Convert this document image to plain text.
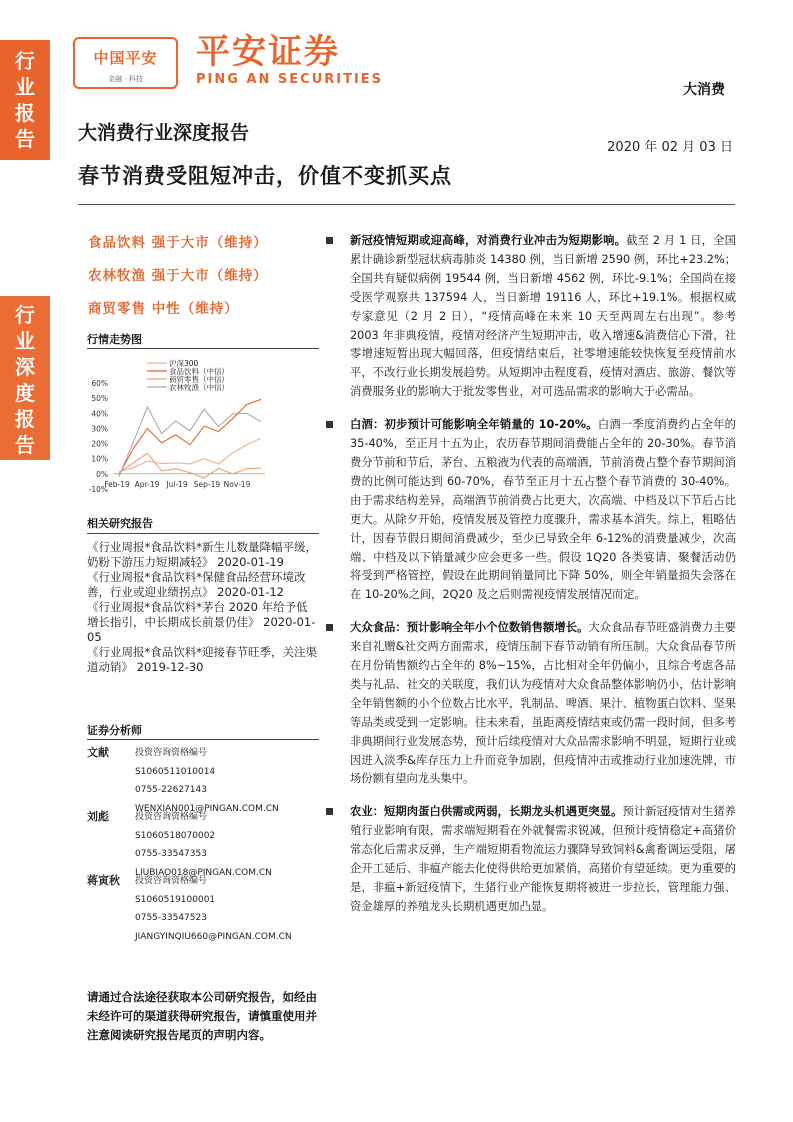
行
业
报
告
行
业
深
度
报
告
中国平安
金融 · 科技
平安证券
PING AN SECURITIES
大消费
大消费行业深度报告
2020 年 02 月 03 日
春节消费受阻短冲击，价值不变抓买点
食品饮料 强于大市（维持）
农林牧渔 强于大市（维持）
商贸零售 中性（维持）
行情走势图
60%
50%
40%
30%
20%
10%
0%
-10%
Feb-19 Apr-19 Jul-19 Sep-19 Nov-19
沪深300
食品饮料（中信）
商贸零售（中信）
农林牧渔（中信）
相关研究报告
《行业周报*食品饮料*新生儿数量降幅平缓，奶粉下游压力短期减轻》 2020-01-19
《行业周报*食品饮料*保健食品经营环境改善，行业或迎业绩拐点》 2020-01-12
《行业周报*食品饮料*茅台 2020 年给予低增长指引，中长期成长前景仍佳》 2020-01-05
《行业周报*食品饮料*迎接春节旺季，关注渠道动销》 2019-12-30
证券分析师
文献	投资咨询资格编号
S1060511010014
0755-22627143
WENXIAN001@PINGAN.COM.CN
刘彪	投资咨询资格编号
S1060518070002
0755-33547353
LIUBIAO018@PINGAN.COM.CN
蒋寅秋 投资咨询资格编号
S1060519100001
0755-33547523
JIANGYINQIU660@PINGAN.COM.CN
请通过合法途径获取本公司研究报告，如经由未经许可的渠道获得研究报告，请慎重使用并注意阅读研究报告尾页的声明内容。
新冠疫情短期或迎高峰，对消费行业冲击为短期影响。截至 2 月 1 日，全国累计确诊新型冠状病毒肺炎 14380 例，当日新增 2590 例，环比+23.2%；全国共有疑似病例 19544 例，当日新增 4562 例，环比-9.1%；全国尚在接受医学观察共 137594 人，当日新增 19116 人，环比+19.1%。根据权威专家意见（2 月 2 日），“疫情高峰在未来 10 天至两周左右出现”。参考 2003 年非典疫情，疫情对经济产生短期冲击，收入增速&消费信心下滑，社零增速短暂出现大幅回落，但疫情结束后，社零增速能较快恢复至疫情前水平，不改行业长期发展趋势。从短期冲击程度看，疫情对酒店、旅游、餐饮等消费服务业的影响大于批发零售业，对可选品需求的影响大于必需品。
白酒：初步预计可能影响全年销量的 10-20%。白酒一季度消费约占全年的 35-40%，至正月十五为止，农历春节期间消费能占全年的 20-30%。春节消费分节前和节后，茅台、五粮液为代表的高端酒，节前消费占整个春节期间消费的比例可能达到 60-70%，春节至正月十五占整个春节消费的 30-40%。由于需求结构差异，高端酒节前消费占比更大，次高端、中档及以下节后占比更大。从除夕开始，疫情发展及管控力度骤升，需求基本消失。综上，粗略估计，因春节假日期间消费减少，至少已导致全年 6-12%的消费量减少，次高端、中档及以下销量减少应会更多一些。假设 1Q20 各类宴请、聚餐活动仍将受到严格管控，假设在此期间销量同比下降 50%，则全年销量损失会落在在 10-20%之间，2Q20 及之后则需视疫情发展情况而定。
大众食品：预计影响全年小个位数销售额增长。大众食品春节旺盛消费力主要来自礼赠&社交两方面需求，疫情压制下春节动销有所压制。大众食品春节所在月份销售额约占全年的 8%~15%，占比相对全年仍偏小，且综合考虑各品类与礼品、社交的关联度，我们认为疫情对大众食品整体影响仍小，估计影响全年销售额的小个位数占比水平，乳制品、啤酒、果汁、植物蛋白饮料、坚果等品类或受到一定影响。往未来看，虽距离疫情结束或仍需一段时间，但多考非典期间行业发展态势，预计后续疫情对大众品需求影响不明显，短期行业或因进入淡季&库存压力上升而竞争加剧，但疫情冲击或推动行业加速洗牌，市场份额有望向龙头集中。
农业：短期肉蛋白供需或两弱，长期龙头机遇更突显。预计新冠疫情对生猪养殖行业影响有限，需求端短期看在外就餐需求锐减，但预计疫情稳定+高猪价常态化后需求反弹，生产端短期看物流运力骤降导致饲料&禽畜调运受阻，屠企开工延后、非瘟产能去化使得供给更加紧俏，高猪价有望延续。更为重要的是，非瘟+新冠疫情下，生猪行业产能恢复期将被进一步拉长，管理能力强、资金雄厚的养殖龙头长期机遇更加凸显。
